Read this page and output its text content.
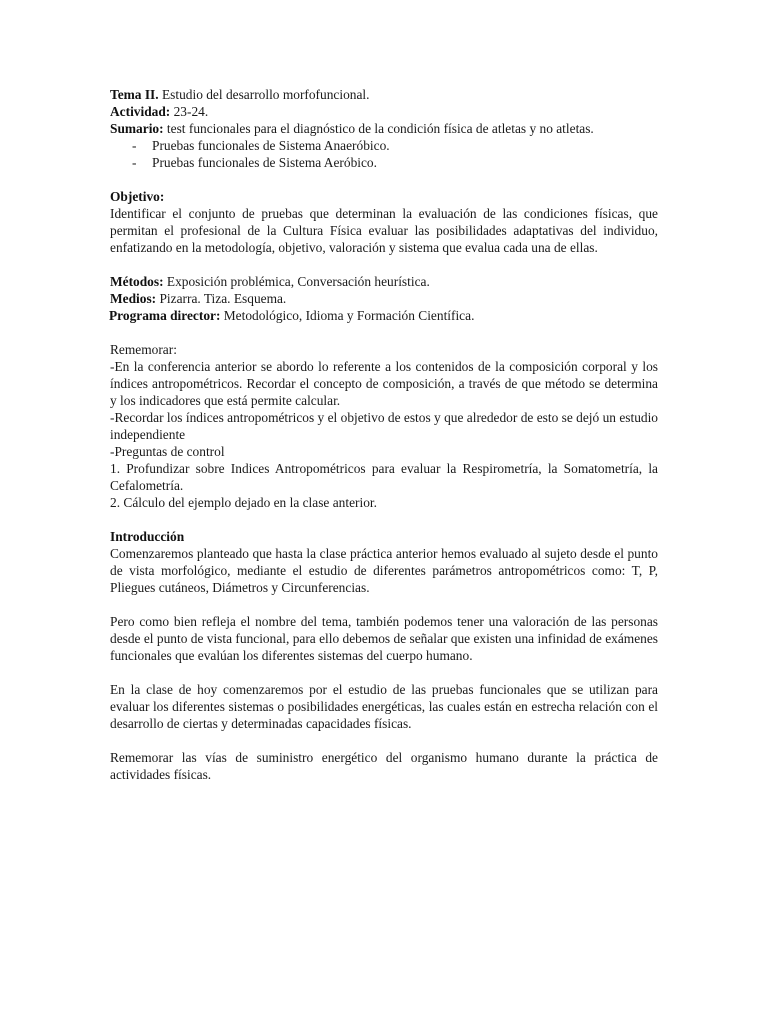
Tema II. Estudio del desarrollo morfofuncional.

Actividad: 23-24.

Sumario: test funcionales para el diagnóstico de la condición física de atletas y no atletas.

-	Pruebas funcionales de Sistema Anaeróbico.
-	Pruebas funcionales de Sistema Aeróbico.

Objetivo:

Identificar el conjunto de pruebas que determinan la evaluación de las condiciones físicas, que permitan el profesional de la Cultura Física evaluar las posibilidades adaptativas del individuo, enfatizando en la metodología, objetivo, valoración y sistema que evalua cada una de ellas.

Métodos: Exposición problémica, Conversación heurística.

Medios: Pizarra. Tiza. Esquema.

Programa director: Metodológico, Idioma y Formación Científica.

Rememorar:

-En la conferencia anterior se abordo lo referente a los contenidos de la composición corporal y los índices antropométricos. Recordar el concepto de composición, a través de que método se determina y los indicadores que está permite calcular.

-Recordar los índices antropométricos y el objetivo de estos y que alrededor de esto se dejó un estudio independiente

-Preguntas de control

1. Profundizar sobre Indices Antropométricos para evaluar la Respirometría, la Somatometría, la Cefalometría.

2. Cálculo del ejemplo dejado en la clase anterior.

Introducción

Comenzaremos planteado que hasta la clase práctica anterior hemos evaluado al sujeto desde el punto de vista morfológico, mediante el estudio de diferentes parámetros antropométricos como: T, P, Pliegues cutáneos, Diámetros y Circunferencias.

Pero como bien refleja el nombre del tema, también podemos tener una valoración de las personas desde el punto de vista funcional, para ello debemos de señalar que existen una infinidad de exámenes funcionales que evalúan los diferentes sistemas del cuerpo humano.

En la clase de hoy comenzaremos por el estudio de las pruebas funcionales que se utilizan para evaluar los diferentes sistemas o posibilidades energéticas, las cuales están en estrecha relación con el desarrollo de ciertas y determinadas capacidades físicas.

Rememorar las vías de suministro energético del organismo humano durante la práctica de actividades físicas.
